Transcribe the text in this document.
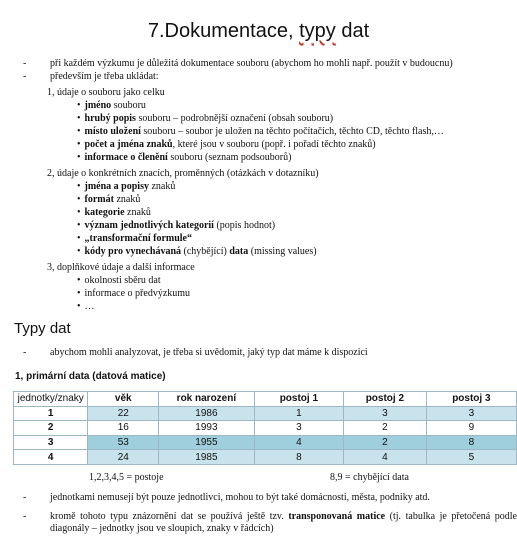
7.Dokumentace, typy dat
při každém výzkumu je důležitá dokumentace souboru (abychom ho mohli např. použít v budoucnu)
především je třeba ukládat:
1, údaje o souboru jako celku
• jméno souboru
• hrubý popis souboru – podrobnější označení (obsah souboru)
• místo uložení souboru – soubor je uložen na těchto počítačích, těchto CD, těchto flash,…
• počet a jména znaků, které jsou v souboru (popř. i pořadí těchto znaků)
• informace o členění souboru (seznam podsouborů)
2, údaje o konkrétních znacích, proměnných (otázkách v dotazníku)
• jména a popisy znaků
• formát znaků
• kategorie znaků
• význam jednotlivých kategorií (popis hodnot)
• „transformační formule“
• kódy pro vynechávaná (chybějící) data (missing values)
3, doplňkové údaje a další informace
• okolnosti sběru dat
• informace o předvýzkumu
• …
Typy dat
abychom mohli analyzovat, je třeba si uvědomit, jaký typ dat máme k dispozici
1, primární data (datová matice)
jednotky/znaky	věk	rok narození	postoj 1	postoj 2	postoj 3
1	22	1986	1	3	3
2	16	1993	3	2	9
3	53	1955	4	2	8
4	24	1985	8	4	5
1,2,3,4,5 = postoje	8,9 = chybějící data
- jednotkami nemusejí být pouze jednotlivci, mohou to být také domácnosti, města, podniky atd.
- kromě tohoto typu znázornění dat se používá ještě tzv. transponovaná matice (tj. tabulka je přetočená podle diagonály – jednotky jsou ve sloupich, znaky v řádcích)
